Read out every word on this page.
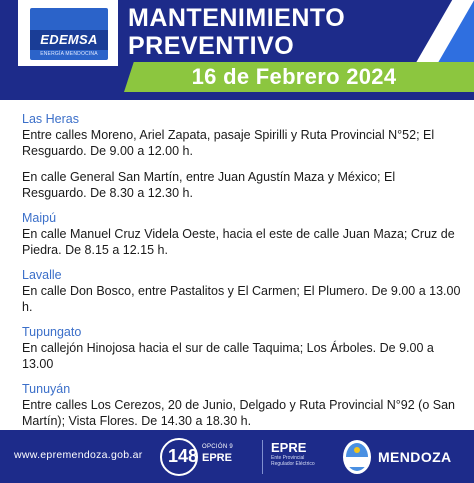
EDEMSA
ENERGÍA MENDOCINA
MANTENIMIENTO
PREVENTIVO
16 de Febrero 2024
Las Heras
Entre calles Moreno, Ariel Zapata, pasaje Spirilli y Ruta Provincial N°52; El Resguardo. De 9.00 a 12.00 h.
En calle General San Martín, entre Juan Agustín Maza y México; El Resguardo. De 8.30 a 12.30 h.
Maipú
En calle Manuel Cruz Videla Oeste, hacia el este de calle Juan Maza; Cruz de Piedra. De 8.15 a 12.15 h.
Lavalle
En calle Don Bosco, entre Pastalitos y El Carmen; El Plumero. De 9.00 a 13.00 h.
Tupungato
En callejón Hinojosa hacia el sur de calle Taquima; Los Árboles. De 9.00 a 13.00
Tunuyán
Entre calles Los Cerezos, 20 de Junio, Delgado y Ruta Provincial N°92 (o San Martín); Vista Flores. De 14.30 a 18.30 h.
www.epremendoza.gob.ar 148 OPCIÓN 9
EPRE
EPRE
Ente Provincial
Regulador Eléctrico	MENDOZA
